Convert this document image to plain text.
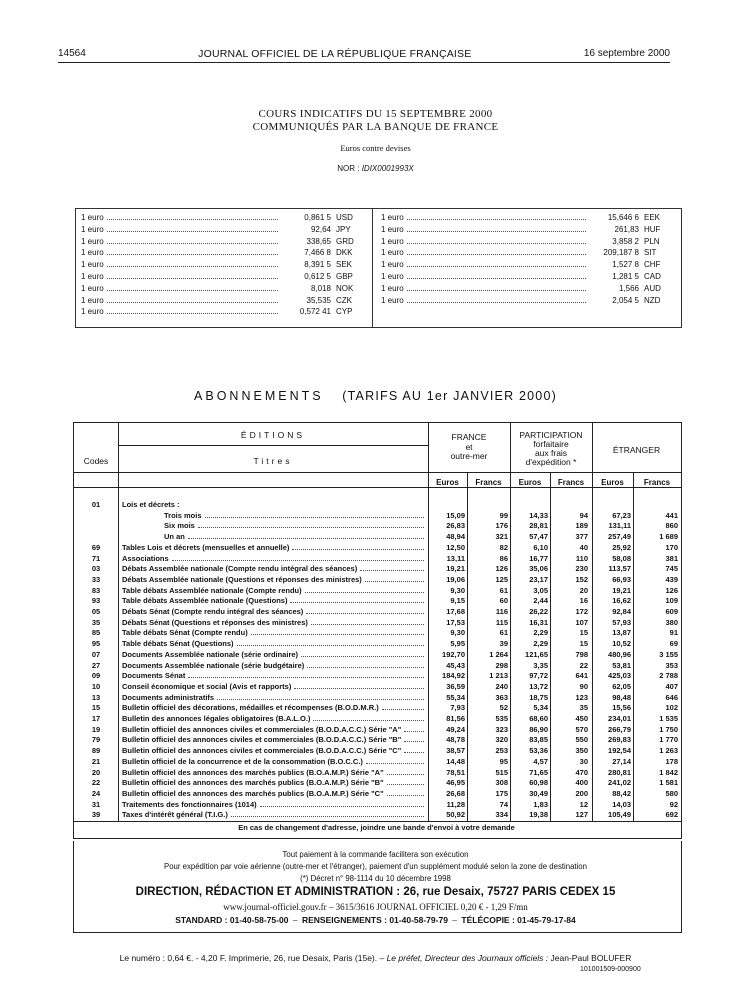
14564	JOURNAL OFFICIEL DE LA RÉPUBLIQUE FRANÇAISE	16 septembre 2000
COURS INDICATIFS DU 15 SEPTEMBRE 2000
COMMUNIQUÉS PAR LA BANQUE DE FRANCE
Euros contre devises
NOR : IDIX0001993X
1 euro	0,861 5 USD
1 euro	92,64 JPY
1 euro	338,65 GRD
1 euro	7,466 8 DKK
1 euro	8,391 5 SEK
1 euro	0,612 5 GBP
1 euro	8,018 NOK
1 euro	35,535 CZK
1 euro	0,572 41 CYP
1 euro	15,646 6 EEK
1 euro	261,83 HUF
1 euro	3,858 2 PLN
1 euro	209,187 8 SIT
1 euro	1,527 8 CHF
1 euro	1,281 5 CAD
1 euro	1,566 AUD
1 euro	2,054 5 NZD
ABONNEMENTS (TARIFS AU 1er JANVIER 2000)
ÉDITIONS
Codes	Titres
FRANCE
et
outre-mer
PARTICIPATION
forfaitaire
aux frais
d'expédition *
ÉTRANGER
Euros	Francs	Euros	Francs	Euros	Francs
01	Lois et décrets :
Trois mois	15,09	99	14,33	94	67,23	441
Six mois	26,83	176	28,81	189	131,11	860
Un an	48,94	321	57,47	377	257,49	1 689
69	Tables Lois et décrets (mensuelles et annuelle)	12,50	82	6,10	40	25,92	170
71	Associations	13,11	86	16,77	110	58,08	381
03	Débats Assemblée nationale (Compte rendu intégral des séances)	19,21	126	35,06	230	113,57	745
33	Débats Assemblée nationale (Questions et réponses des ministres)	19,06	125	23,17	152	66,93	439
83	Table débats Assemblée nationale (Compte rendu)	9,30	61	3,05	20	19,21	126
93	Table débats Assemblée nationale (Questions)	9,15	60	2,44	16	16,62	109
05	Débats Sénat (Compte rendu intégral des séances)	17,68	116	26,22	172	92,84	609
35	Débats Sénat (Questions et réponses des ministres)	17,53	115	16,31	107	57,93	380
85	Table débats Sénat (Compte rendu)	9,30	61	2,29	15	13,87	91
95	Table débats Sénat (Questions)	5,95	39	2,29	15	10,52	69
07	Documents Assemblée nationale (série ordinaire)	192,70	1 264	121,65	798	480,96	3 155
27	Documents Assemblée nationale (série budgétaire)	45,43	298	3,35	22	53,81	353
09	Documents Sénat	184,92	1 213	97,72	641	425,03	2 788
10	Conseil économique et social (Avis et rapports)	36,59	240	13,72	90	62,05	407
13	Documents administratifs	55,34	363	18,75	123	98,48	646
15	Bulletin officiel des décorations, médailles et récompenses (B.O.D.M.R.)	7,93	52	5,34	35	15,56	102
17	Bulletin des annonces légales obligatoires (B.A.L.O.)	81,56	535	68,60	450	234,01	1 535
19	Bulletin officiel des annonces civiles et commerciales (B.O.D.A.C.C.) Série "A"	49,24	323	86,90	570	266,79	1 750
79	Bulletin officiel des annonces civiles et commerciales (B.O.D.A.C.C.) Série "B"	48,78	320	83,85	550	269,83	1 770
89	Bulletin officiel des annonces civiles et commerciales (B.O.D.A.C.C.) Série "C"	38,57	253	53,36	350	192,54	1 263
21	Bulletin officiel de la concurrence et de la consommation (B.O.C.C.)	14,48	95	4,57	30	27,14	178
20	Bulletin officiel des annonces des marchés publics (B.O.A.M.P.) Série "A"	78,51	515	71,65	470	280,81	1 842
22	Bulletin officiel des annonces des marchés publics (B.O.A.M.P.) Série "B"	46,95	308	60,98	400	241,02	1 581
24	Bulletin officiel des annonces des marchés publics (B.O.A.M.P.) Série "C"	26,68	175	30,49	200	88,42	580
31	Traitements des fonctionnaires (1014)	11,28	74	1,83	12	14,03	92
39	Taxes d'intérêt général (T.I.G.)	50,92	334	19,38	127	105,49	692
En cas de changement d'adresse, joindre une bande d'envoi à votre demande
Tout paiement à la commande facilitera son exécution
Pour expédition par voie aérienne (outre-mer et l'étranger), paiement d'un supplément modulé selon la zone de destination
(*) Décret n° 98-1114 du 10 décembre 1998
DIRECTION, RÉDACTION ET ADMINISTRATION : 26, rue Desaix, 75727 PARIS CEDEX 15
www.journal-officiel.gouv.fr – 3615/3616 JOURNAL OFFICIEL 0,20 € - 1,29 F/mn
STANDARD : 01-40-58-75-00  –  RENSEIGNEMENTS : 01-40-58-79-79  –  TÉLÉCOPIE : 01-45-79-17-84
Le numéro : 0,64 €. - 4,20 F. Imprimerie, 26, rue Desaix, Paris (15e). – Le préfet, Directeur des Journaux officiels : Jean-Paul BOLUFER
101001509-000900
